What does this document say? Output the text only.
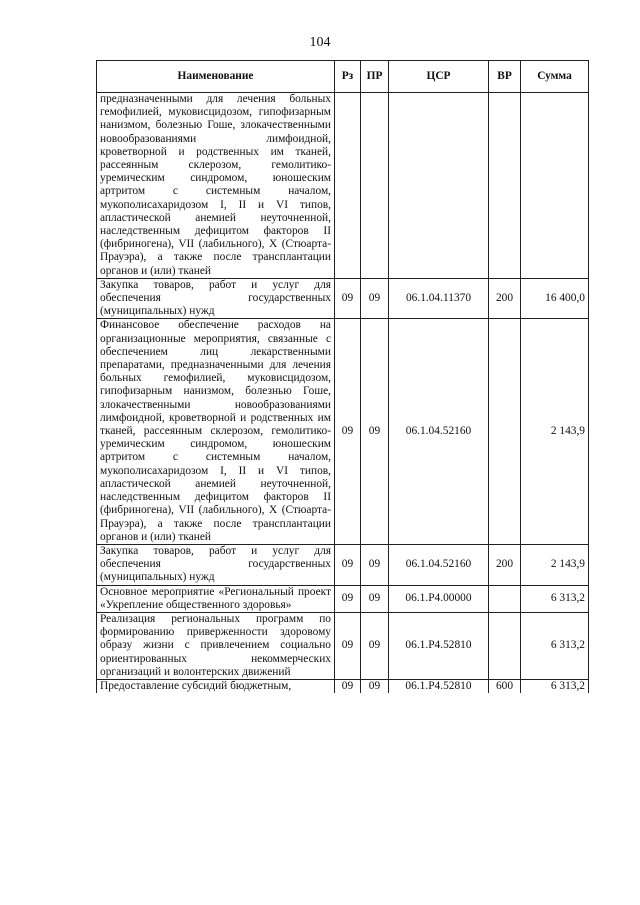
104
Наименование	Рз	ПР	ЦСР	ВР	Сумма
предназначенными для лечения больных гемофилией, муковисцидозом, гипофизарным нанизмом, болезнью Гоше, злокачественными новообразованиями лимфоидной, кроветворной и родственных им тканей, рассеянным склерозом, гемолитико-уремическим синдромом, юношеским артритом с системным началом, мукополисахаридозом I, II и VI типов, апластической анемией неуточненной, наследственным дефицитом факторов II (фибриногена), VII (лабильного), X (Стюарта-Прауэра), а также после трансплантации органов и (или) тканей					
Закупка товаров, работ и услуг для обеспечения государственных (муниципальных) нужд	09	09	06.1.04.11370	200	16 400,0
Финансовое обеспечение расходов на организационные мероприятия, связанные с обеспечением лиц лекарственными препаратами, предназначенными для лечения больных гемофилией, муковисцидозом, гипофизарным нанизмом, болезнью Гоше, злокачественными новообразованиями лимфоидной, кроветворной и родственных им тканей, рассеянным склерозом, гемолитико-уремическим синдромом, юношеским артритом с системным началом, мукополисахаридозом I, II и VI типов, апластической анемией неуточненной, наследственным дефицитом факторов II (фибриногена), VII (лабильного), X (Стюарта-Прауэра), а также после трансплантации органов и (или) тканей	09	09	06.1.04.52160		2 143,9
Закупка товаров, работ и услуг для обеспечения государственных (муниципальных) нужд	09	09	06.1.04.52160	200	2 143,9
Основное мероприятие «Региональный проект «Укрепление общественного здоровья»	09	09	06.1.Р4.00000		6 313,2
Реализация региональных программ по формированию приверженности здоровому образу жизни с привлечением социально ориентированных некоммерческих организаций и волонтерских движений	09	09	06.1.Р4.52810		6 313,2
Предоставление субсидий бюджетным,	09	09	06.1.Р4.52810	600	6 313,2
